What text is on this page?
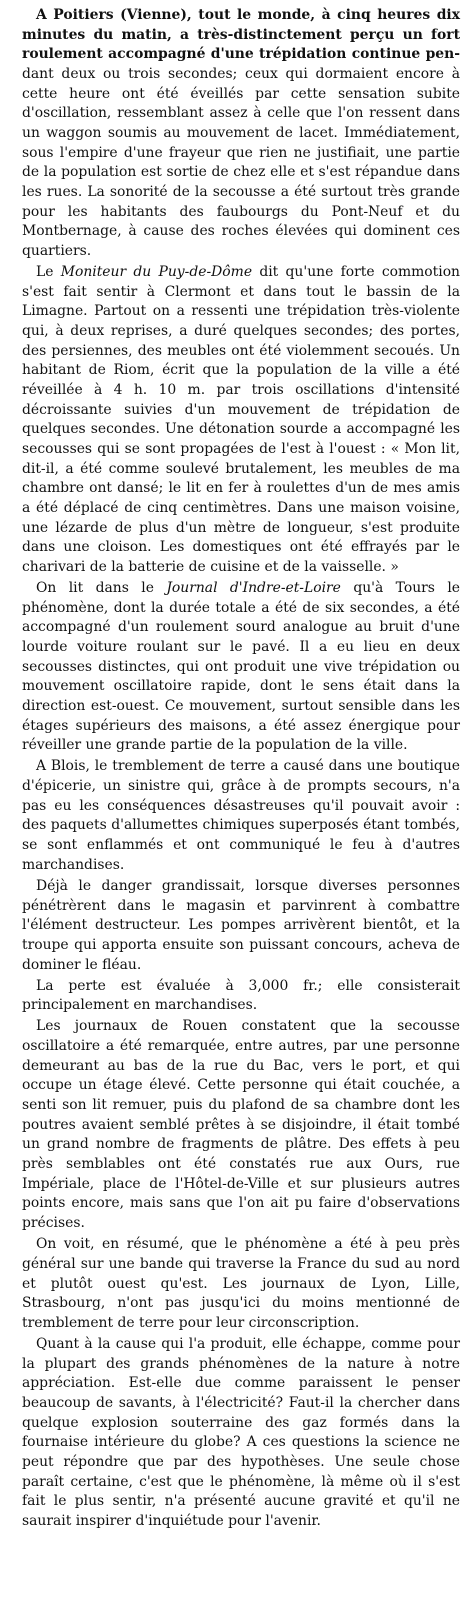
A Poitiers (Vienne), tout le monde, à cinq heures dix minutes du matin, a très-distinctement perçu un fort roulement accompagné d'une trépidation continue pen- dant deux ou trois secondes; ceux qui dormaient encore à cette heure ont été éveillés par cette sensation subite d'oscillation, ressemblant assez à celle que l'on ressent dans un waggon soumis au mouvement de lacet. Immédiatement, sous l'empire d'une frayeur que rien ne justifiait, une partie de la population est sortie de chez elle et s'est répandue dans les rues. La sonorité de la secousse a été surtout très grande pour les habitants des faubourgs du Pont-Neuf et du Montbernage, à cause des roches élevées qui dominent ces quartiers.

Le Moniteur du Puy-de-Dôme dit qu'une forte commotion s'est fait sentir à Clermont et dans tout le bassin de la Limagne. Partout on a ressenti une trépidation très-violente qui, à deux reprises, a duré quelques secondes; des portes, des persiennes, des meubles ont été violemment secoués. Un habitant de Riom, écrit que la population de la ville a été réveillée à 4 h. 10 m. par trois oscillations d'intensité décroissante suivies d'un mouvement de trépidation de quelques secondes. Une détonation sourde a accompagné les secousses qui se sont propagées de l'est à l'ouest : « Mon lit, dit-il, a été comme soulevé brutalement, les meubles de ma chambre ont dansé; le lit en fer à roulettes d'un de mes amis a été déplacé de cinq centimètres. Dans une maison voisine, une lézarde de plus d'un mètre de longueur, s'est produite dans une cloison. Les domestiques ont été effrayés par le charivari de la batterie de cuisine et de la vaisselle. »

On lit dans le Journal d'Indre-et-Loire qu'à Tours le phénomène, dont la durée totale a été de six secondes, a été accompagné d'un roulement sourd analogue au bruit d'une lourde voiture roulant sur le pavé. Il a eu lieu en deux secousses distinctes, qui ont produit une vive trépidation ou mouvement oscillatoire rapide, dont le sens était dans la direction est-ouest. Ce mouvement, surtout sensible dans les étages supérieurs des maisons, a été assez énergique pour réveiller une grande partie de la population de la ville.

A Blois, le tremblement de terre a causé dans une boutique d'épicerie, un sinistre qui, grâce à de prompts secours, n'a pas eu les conséquences désastreuses qu'il pouvait avoir : des paquets d'allumettes chimiques superposés étant tombés, se sont enflammés et ont communiqué le feu à d'autres marchandises.

Déjà le danger grandissait, lorsque diverses personnes pénétrèrent dans le magasin et parvinrent à combattre l'élément destructeur. Les pompes arrivèrent bientôt, et la troupe qui apporta ensuite son puissant concours, acheva de dominer le fléau.

La perte est évaluée à 3,000 fr.; elle consisterait principalement en marchandises.

Les journaux de Rouen constatent que la secousse oscillatoire a été remarquée, entre autres, par une personne demeurant au bas de la rue du Bac, vers le port, et qui occupe un étage élevé. Cette personne qui était couchée, a senti son lit remuer, puis du plafond de sa chambre dont les poutres avaient semblé prêtes à se disjoindre, il était tombé un grand nombre de fragments de plâtre. Des effets à peu près semblables ont été constatés rue aux Ours, rue Impériale, place de l'Hôtel-de-Ville et sur plusieurs autres points encore, mais sans que l'on ait pu faire d'observations précises.

On voit, en résumé, que le phénomène a été à peu près général sur une bande qui traverse la France du sud au nord et plutôt ouest qu'est. Les journaux de Lyon, Lille, Strasbourg, n'ont pas jusqu'ici du moins mentionné de tremblement de terre pour leur circonscription.

Quant à la cause qui l'a produit, elle échappe, comme pour la plupart des grands phénomènes de la nature à notre appréciation. Est-elle due comme paraissent le penser beaucoup de savants, à l'électricité? Faut-il la chercher dans quelque explosion souterraine des gaz formés dans la fournaise intérieure du globe? A ces questions la science ne peut répondre que par des hypothèses. Une seule chose paraît certaine, c'est que le phénomène, là même où il s'est fait le plus sentir, n'a présenté aucune gravité et qu'il ne saurait inspirer d'inquiétude pour l'avenir.
